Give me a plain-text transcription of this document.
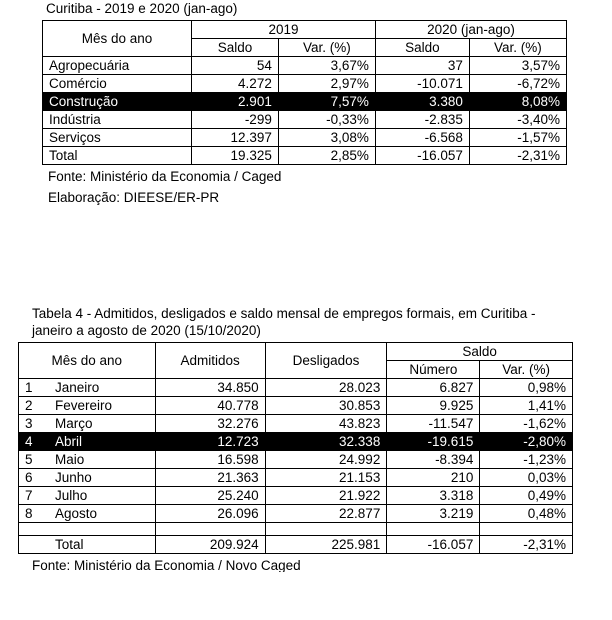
Curitiba - 2019 e 2020 (jan-ago)
Mês do ano	2019		2020 (jan-ago)	
	Saldo	Var. (%)	Saldo	Var. (%)
Agropecuária	54	3,67%	37	3,57%
Comércio	4.272	2,97%	-10.071	-6,72%
Construção	2.901	7,57%	3.380	8,08%
Indústria	-299	-0,33%	-2.835	-3,40%
Serviços	12.397	3,08%	-6.568	-1,57%
Total	19.325	2,85%	-16.057	-2,31%
Fonte: Ministério da Economia / Caged
Elaboração: DIEESE/ER-PR
Tabela 4 - Admitidos, desligados e saldo mensal de empregos formais, em Curitiba - janeiro a agosto de 2020 (15/10/2020)
Mês do ano		Admitidos	Desligados	Saldo	
				Número	Var. (%)
1	Janeiro	34.850	28.023	6.827	0,98%
2	Fevereiro	40.778	30.853	9.925	1,41%
3	Março	32.276	43.823	-11.547	-1,62%
4	Abril	12.723	32.338	-19.615	-2,80%
5	Maio	16.598	24.992	-8.394	-1,23%
6	Junho	21.363	21.153	210	0,03%
7	Julho	25.240	21.922	3.318	0,49%
8	Agosto	26.096	22.877	3.219	0,48%

	Total	209.924	225.981	-16.057	-2,31%
Fonte: Ministério da Economia / Novo Caged
